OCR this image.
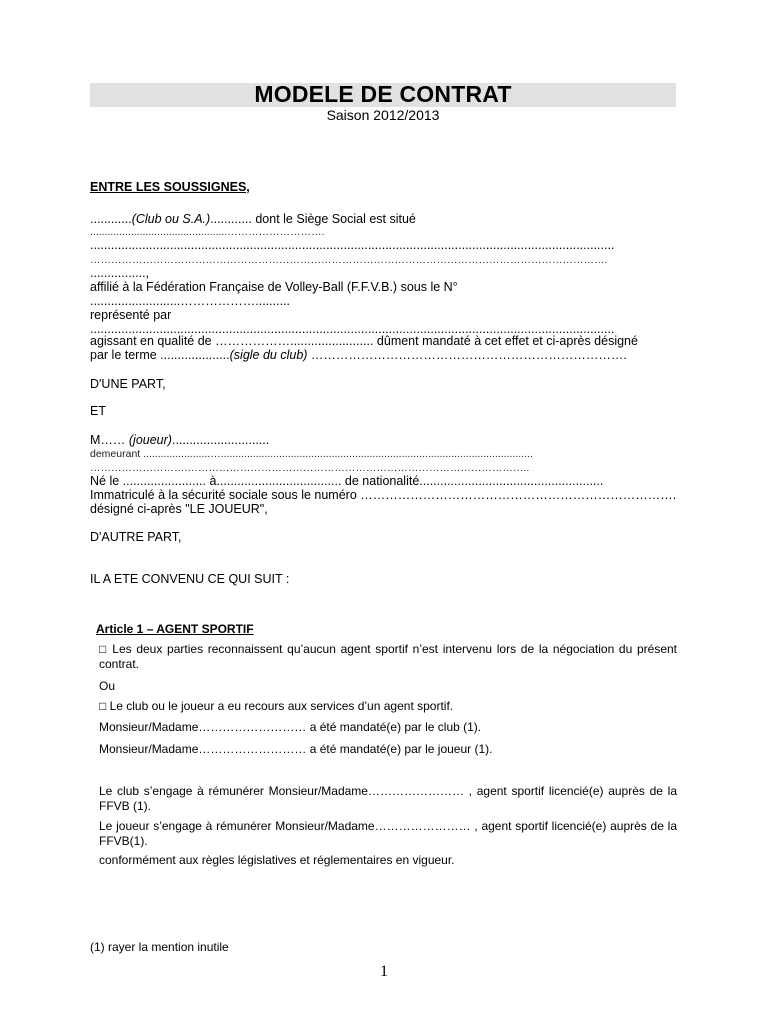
MODELE DE CONTRAT
Saison 2012/2013
ENTRE LES SOUSSIGNES,
............(Club ou S.A.)............ dont le Siège Social est situé
...............................................……………………….
.......................................................................................................................................................
………………………………………………………………………………………………………………………………….
................,
affilié à la Fédération Française de Volley-Ball (F.F.V.B.) sous le N°
..........................………………..........
représenté par
.......................................................................................................................................................
agissant en qualité de ………………........................ dûment mandaté à cet effet et ci-après désigné
par le terme ....................(sigle du club) ………………………………………………………………….
D'UNE PART,
ET
M…… (joueur)............................
demeurant .......................…...........................................................................................................
……………………….……………………………………………………………………………………..
Né le ........................ à.................................... de nationalité.....................................................
Immatriculé à la sécurité sociale sous le numéro ………………………………………………………………….
désigné ci-après "LE JOUEUR",
D'AUTRE PART,
IL A ETE CONVENU CE QUI SUIT :
Article 1 – AGENT SPORTIF
□ Les deux parties reconnaissent qu’aucun agent sportif n’est intervenu lors de la négociation du présent contrat.
Ou
□ Le club ou le joueur a eu recours aux services d’un agent sportif.
Monsieur/Madame……………………… a été mandaté(e) par le club (1).
Monsieur/Madame……………………… a été mandaté(e) par le joueur (1).
Le club s’engage à rémunérer Monsieur/Madame…………………… , agent sportif licencié(e) auprès de la FFVB (1).
Le joueur s’engage à rémunérer Monsieur/Madame…………………… , agent sportif licencié(e) auprès de la FFVB(1).
conformément aux règles législatives et réglementaires en vigueur.
(1) rayer la mention inutile
1
